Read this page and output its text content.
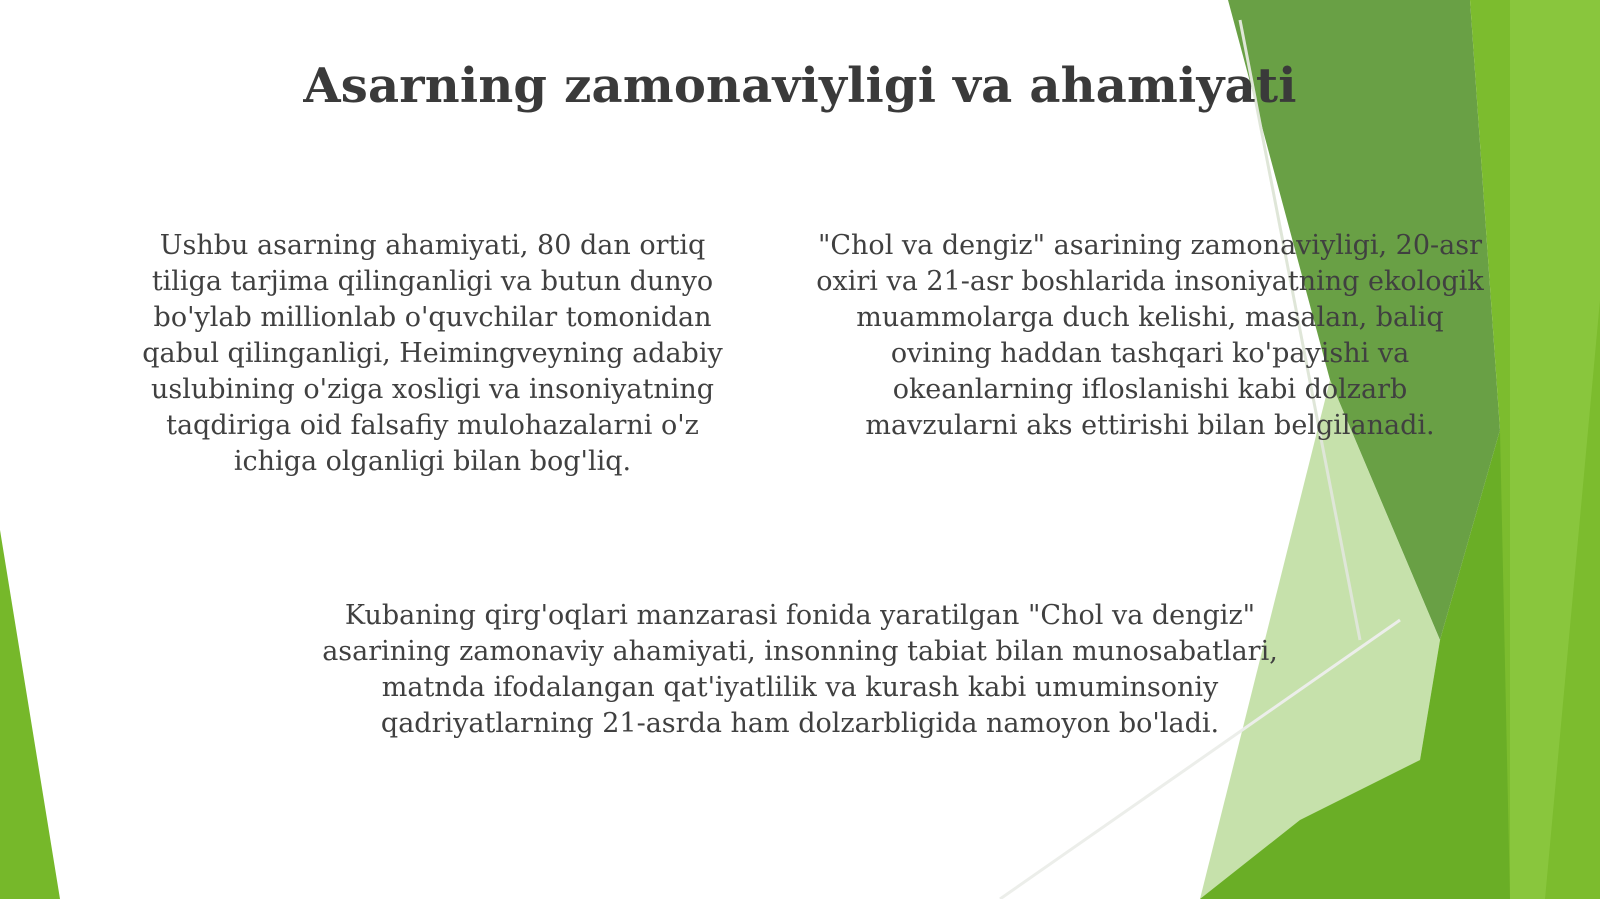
Asarning zamonaviyligi va ahamiyati
Ushbu asarning ahamiyati, 80 dan ortiq
tiliga tarjima qilinganligi va butun dunyo
bo'ylab millionlab o'quvchilar tomonidan
qabul qilinganligi, Heimingveyning adabiy
uslubining o'ziga xosligi va insoniyatning
taqdiriga oid falsafiy mulohazalarni o'z
ichiga olganligi bilan bog'liq.
"Chol va dengiz" asarining zamonaviyligi, 20-asr
oxiri va 21-asr boshlarida insoniyatning ekologik
muammolarga duch kelishi, masalan, baliq
ovining haddan tashqari ko'payishi va
okeanlarning ifloslanishi kabi dolzarb
mavzularni aks ettirishi bilan belgilanadi.
Kubaning qirg'oqlari manzarasi fonida yaratilgan "Chol va dengiz"
asarining zamonaviy ahamiyati, insonning tabiat bilan munosabatlari,
matnda ifodalangan qat'iyatlilik va kurash kabi umuminsoniy
qadriyatlarning 21-asrda ham dolzarbligida namoyon bo'ladi.
